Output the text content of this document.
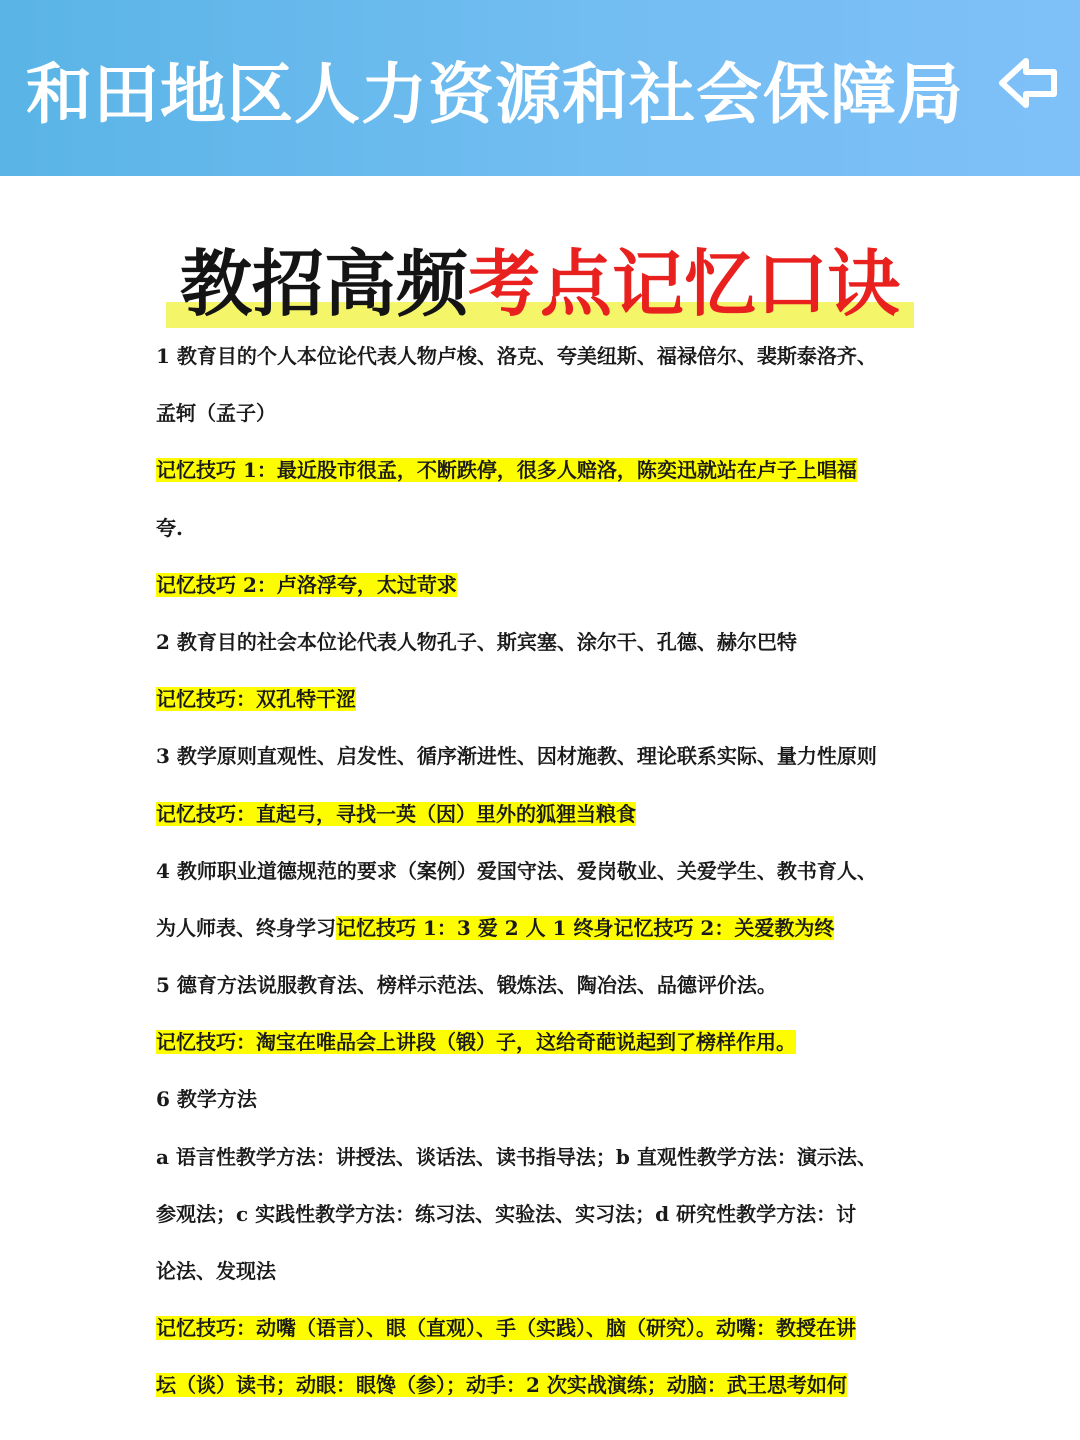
和田地区人力资源和社会保障局
教招高频考点记忆口诀
1 教育目的个人本位论代表人物卢梭、洛克、夸美纽斯、福禄倍尔、裴斯泰洛齐、
孟轲（孟子）
记忆技巧 1：最近股市很孟，不断跌停，很多人赔洛，陈奕迅就站在卢子上唱福
夸.
记忆技巧 2：卢洛浮夸，太过苛求
2 教育目的社会本位论代表人物孔子、斯宾塞、涂尔干、孔德、赫尔巴特
记忆技巧：双孔特干涩
3 教学原则直观性、启发性、循序渐进性、因材施教、理论联系实际、量力性原则
记忆技巧：直起弓，寻找一英（因）里外的狐狸当粮食
4 教师职业道德规范的要求（案例）爱国守法、爱岗敬业、关爱学生、教书育人、
为人师表、终身学习记忆技巧 1：3 爱 2 人 1 终身记忆技巧 2：关爱教为终
5 德育方法说服教育法、榜样示范法、锻炼法、陶冶法、品德评价法。
记忆技巧：淘宝在唯品会上讲段（锻）子，这给奇葩说起到了榜样作用。
6 教学方法
a 语言性教学方法：讲授法、谈话法、读书指导法；b 直观性教学方法：演示法、
参观法；c 实践性教学方法：练习法、实验法、实习法；d 研究性教学方法：讨
论法、发现法
记忆技巧：动嘴（语言）、眼（直观）、手（实践）、脑（研究）。动嘴：教授在讲
坛（谈）读书；动眼：眼馋（参）；动手：2 次实战演练；动脑：武王思考如何
